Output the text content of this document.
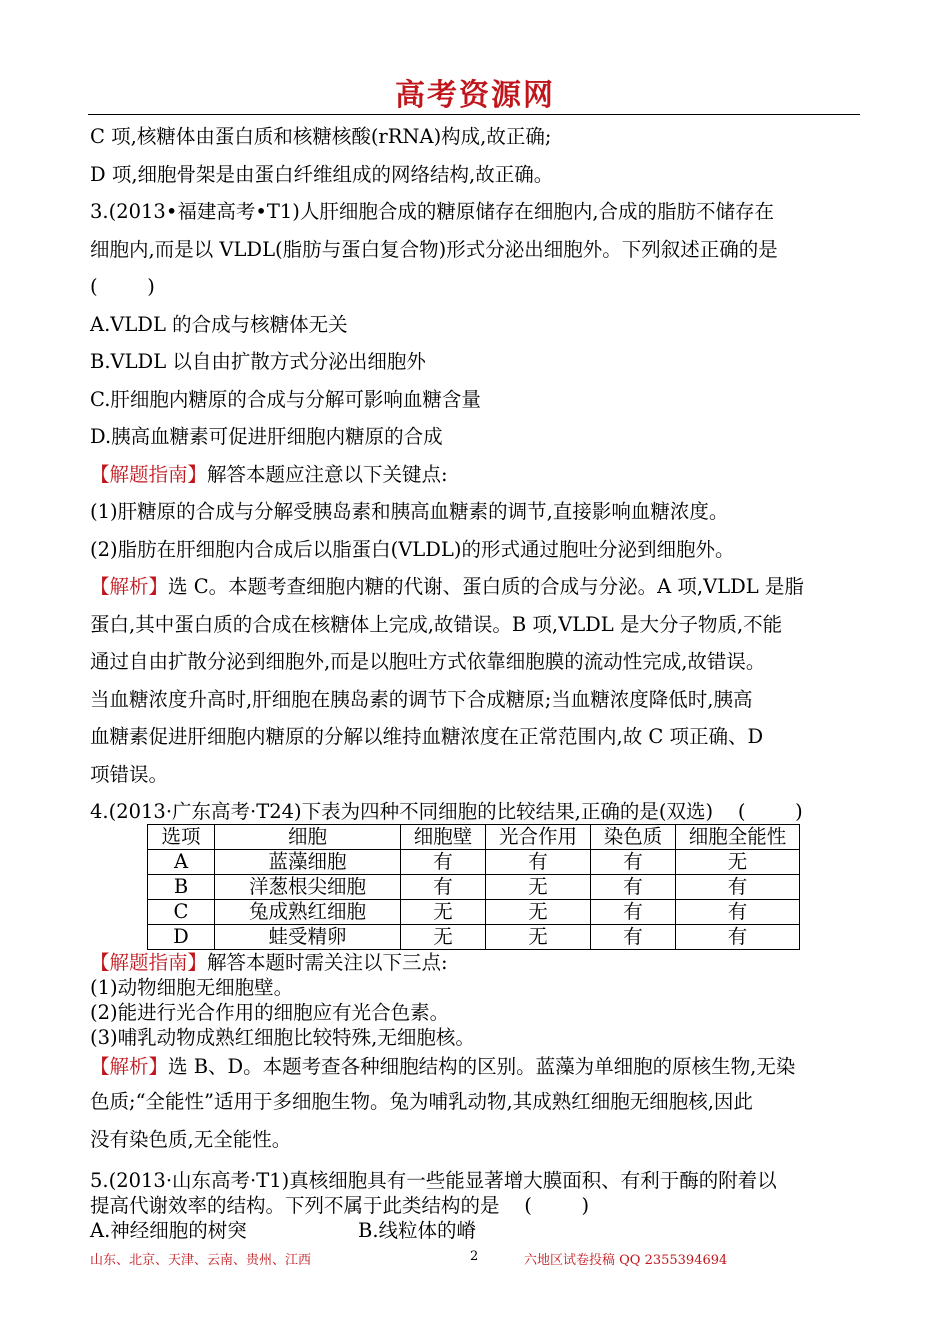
高考资源网
C 项,核糖体由蛋白质和核糖核酸(rRNA)构成,故正确;
D 项,细胞骨架是由蛋白纤维组成的网络结构,故正确。
3.(2013•福建高考•T1)人肝细胞合成的糖原储存在细胞内,合成的脂肪不储存在
细胞内,而是以 VLDL(脂肪与蛋白复合物)形式分泌出细胞外。下列叙述正确的是
(        )
A.VLDL 的合成与核糖体无关
B.VLDL 以自由扩散方式分泌出细胞外
C.肝细胞内糖原的合成与分解可影响血糖含量
D.胰高血糖素可促进肝细胞内糖原的合成
【解题指南】解答本题应注意以下关键点:
(1)肝糖原的合成与分解受胰岛素和胰高血糖素的调节,直接影响血糖浓度。
(2)脂肪在肝细胞内合成后以脂蛋白(VLDL)的形式通过胞吐分泌到细胞外。
【解析】选 C。本题考查细胞内糖的代谢、蛋白质的合成与分泌。A 项,VLDL 是脂
蛋白,其中蛋白质的合成在核糖体上完成,故错误。B 项,VLDL 是大分子物质,不能
通过自由扩散分泌到细胞外,而是以胞吐方式依靠细胞膜的流动性完成,故错误。
当血糖浓度升高时,肝细胞在胰岛素的调节下合成糖原;当血糖浓度降低时,胰高
血糖素促进肝细胞内糖原的分解以维持血糖浓度在正常范围内,故 C 项正确、D
项错误。
4.(2013·广东高考·T24)下表为四种不同细胞的比较结果,正确的是(双选)    (        )
选项	细胞	细胞壁	光合作用	染色质	细胞全能性
A	蓝藻细胞	有	有	有	无
B	洋葱根尖细胞	有	无	有	有
C	兔成熟红细胞	无	无	有	有
D	蛙受精卵	无	无	有	有
【解题指南】解答本题时需关注以下三点:
(1)动物细胞无细胞壁。
(2)能进行光合作用的细胞应有光合色素。
(3)哺乳动物成熟红细胞比较特殊,无细胞核。
【解析】选 B、D。本题考查各种细胞结构的区别。蓝藻为单细胞的原核生物,无染
色质;“全能性”适用于多细胞生物。兔为哺乳动物,其成熟红细胞无细胞核,因此
没有染色质,无全能性。
5.(2013·山东高考·T1)真核细胞具有一些能显著增大膜面积、有利于酶的附着以
提高代谢效率的结构。下列不属于此类结构的是    (        )
A.神经细胞的树突	B.线粒体的嵴
山东、北京、天津、云南、贵州、江西	2	六地区试卷投稿 QQ 2355394694
